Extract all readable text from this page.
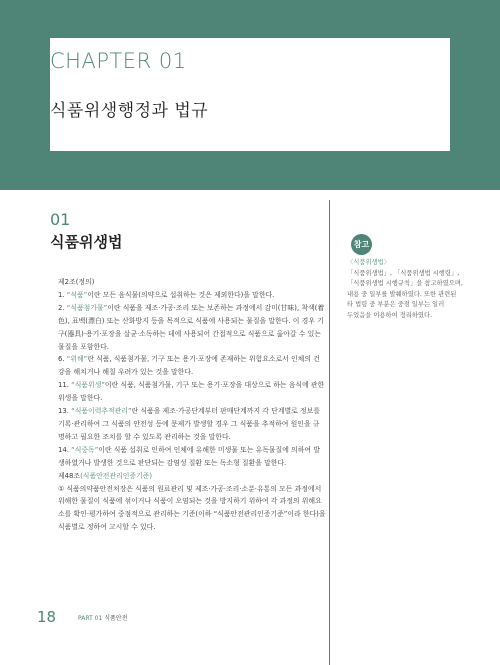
CHAPTER 01
식품위생행정과 법규
01
식품위생법	참고
〈식품위생법〉
「식품위생법」, 「식품위생법 시행령」,
「식품위생법 시행규칙」을 참고하였으며,
내용 중 일부를 발췌하였다. 또한 관련된
타 법령 중 부분은 중점 일부는 일러
두었음을 이용하여 정리하였다.

제2조(정의)

1. “식품”이란 모든 음식물(의약으로 섭취하는 것은 제외한다)을 말한다.

2. “식품첨가물”이란 식품을 제조·가공·조리 또는 보존하는 과정에서 감미(甘味), 착색(着色), 표백(漂白) 또는 산화방지 등을 목적으로 식품에 사용되는 물질을 말한다. 이 경우 기구(器具)·용기·포장을 살균·소독하는 데에 사용되어 간접적으로 식품으로 옮아갈 수 있는 물질을 포함한다.

6. “위해”란 식품, 식품첨가물, 기구 또는 용기·포장에 존재하는 위험요소로서 인체의 건강을 해치거나 해칠 우려가 있는 것을 말한다.

11. “식품위생”이란 식품, 식품첨가물, 기구 또는 용기·포장을 대상으로 하는 음식에 관한 위생을 말한다.

13. “식품이력추적관리”란 식품을 제조·가공단계부터 판매단계까지 각 단계별로 정보를 기록·관리하여 그 식품의 안전성 등에 문제가 발생할 경우 그 식품을 추적하여 원인을 규명하고 필요한 조치를 할 수 있도록 관리하는 것을 말한다.

14. “식중독”이란 식품 섭취로 인하여 인체에 유해한 미생물 또는 유독물질에 의하여 발생하였거나 발생한 것으로 판단되는 감염성 질환 또는 독소형 질환을 말한다.

제48조(식품안전관리인증기준)

① 식품의약품안전처장은 식품의 원료관리 및 제조·가공·조리·소분·유통의 모든 과정에서 위해한 물질이 식품에 섞이거나 식품이 오염되는 것을 방지하기 위하여 각 과정의 위해요소를 확인·평가하여 중점적으로 관리하는 기준(이하 “식품안전관리인증기준”이라 한다)을 식품별로 정하여 고시할 수 있다.

18	PART 01 식품안전
